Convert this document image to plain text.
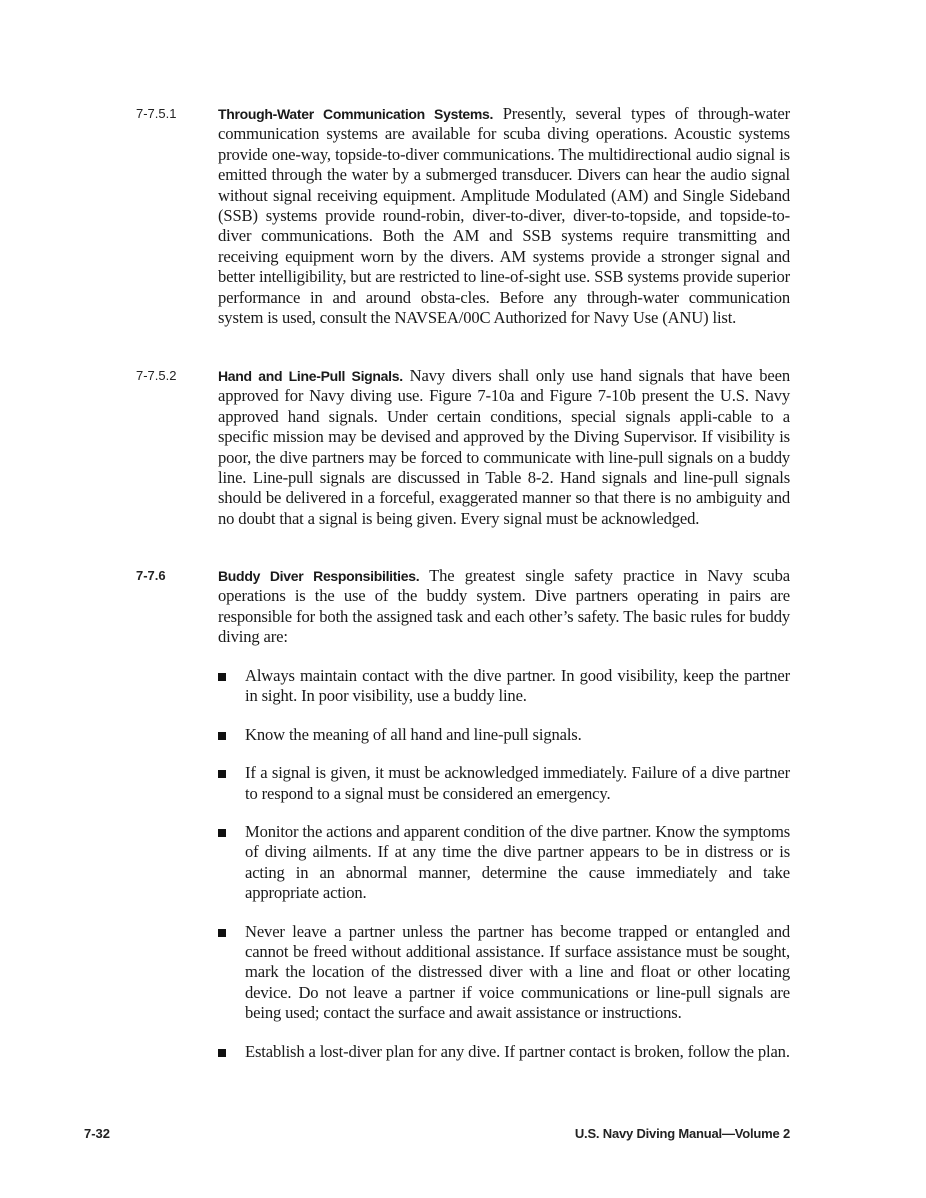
7-7.5.1	Through-Water Communication Systems. Presently, several types of through-water communication systems are available for scuba diving operations. Acoustic systems provide one-way, topside-to-diver communications. The multidirectional audio signal is emitted through the water by a submerged transducer. Divers can hear the audio signal without signal receiving equipment. Amplitude Modulated (AM) and Single Sideband (SSB) systems provide round-robin, diver-to-diver, diver-to-topside, and topside-to-diver communications. Both the AM and SSB systems require transmitting and receiving equipment worn by the divers. AM systems provide a stronger signal and better intelligibility, but are restricted to line-of-sight use. SSB systems provide superior performance in and around obsta-cles. Before any through-water communication system is used, consult the NAVSEA/00C Authorized for Navy Use (ANU) list.
7-7.5.2	Hand and Line-Pull Signals. Navy divers shall only use hand signals that have been approved for Navy diving use. Figure 7-10a and Figure 7-10b present the U.S. Navy approved hand signals. Under certain conditions, special signals appli-cable to a specific mission may be devised and approved by the Diving Supervisor. If visibility is poor, the dive partners may be forced to communicate with line-pull signals on a buddy line. Line-pull signals are discussed in Table 8-2. Hand signals and line-pull signals should be delivered in a forceful, exaggerated manner so that there is no ambiguity and no doubt that a signal is being given. Every signal must be acknowledged.
7-7.6	Buddy Diver Responsibilities. The greatest single safety practice in Navy scuba operations is the use of the buddy system. Dive partners operating in pairs are responsible for both the assigned task and each other’s safety. The basic rules for buddy diving are:
Always maintain contact with the dive partner. In good visibility, keep the partner in sight. In poor visibility, use a buddy line.
Know the meaning of all hand and line-pull signals.
If a signal is given, it must be acknowledged immediately. Failure of a dive partner to respond to a signal must be considered an emergency.
Monitor the actions and apparent condition of the dive partner. Know the symptoms of diving ailments. If at any time the dive partner appears to be in distress or is acting in an abnormal manner, determine the cause immediately and take appropriate action.
Never leave a partner unless the partner has become trapped or entangled and cannot be freed without additional assistance. If surface assistance must be sought, mark the location of the distressed diver with a line and float or other locating device. Do not leave a partner if voice communications or line-pull signals are being used; contact the surface and await assistance or instructions.
Establish a lost-diver plan for any dive. If partner contact is broken, follow the plan.
7-32	U.S. Navy Diving Manual—Volume 2
